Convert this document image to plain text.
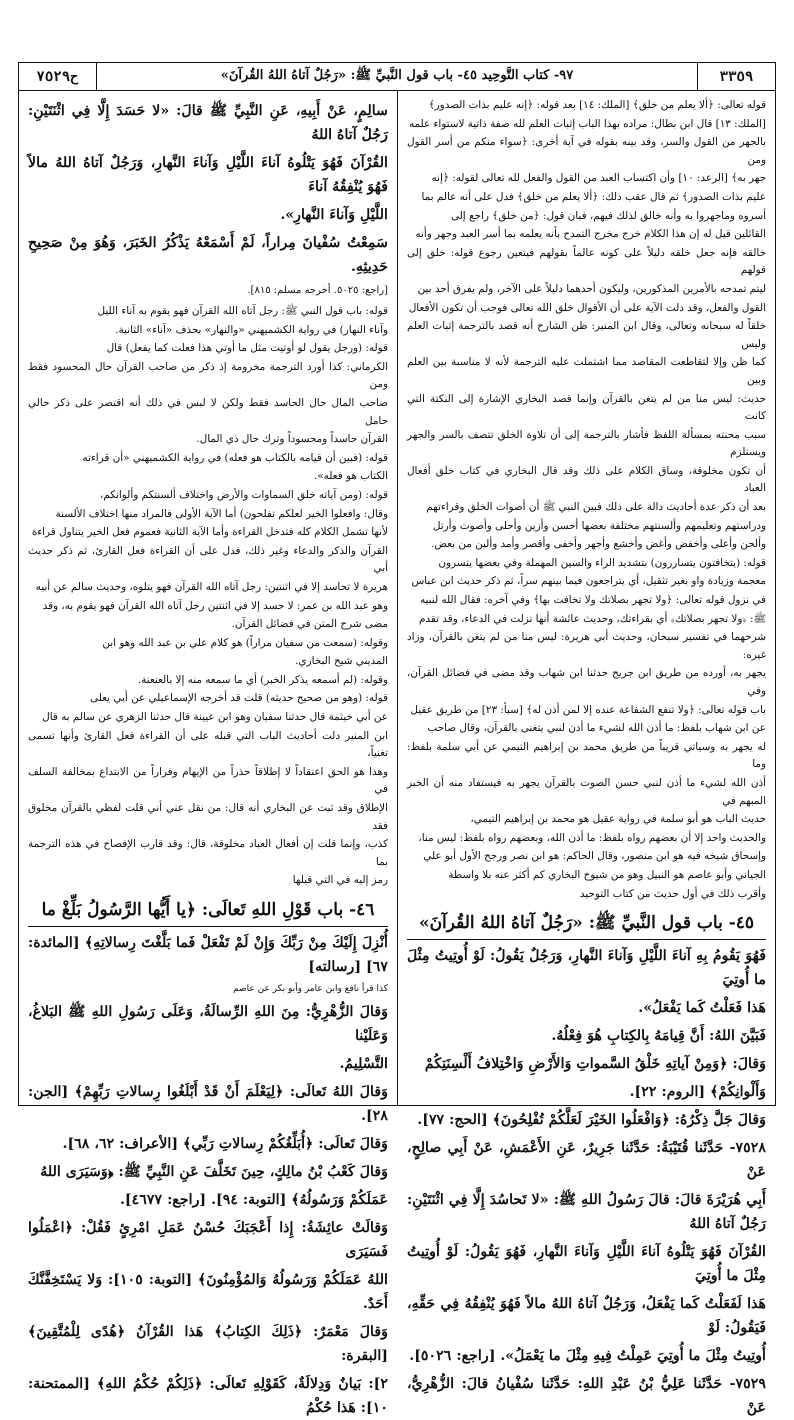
٣٣٥٩
٩٧- كتاب التَّوحِيد ٤٥- باب قول النَّبيِّ ﷺ: «رَجُلٌ آتاهُ اللهُ القُرآنَ»
ح٧٥٢٩
قوله تعالى: ﴿ألا يعلم من خلق﴾ [الملك: ١٤] بعد قوله: ﴿إنه عليم بذات الصدور﴾
[الملك: ١٣] قال ابن بطال: مراده بهذا الباب إثبات العلم لله صفة ذاتية لاستواء علمه
بالجهر من القول والسر، وقد بينه بقوله في آية أخرى: ﴿سواء منكم من أسر القول ومن
جهر به﴾ [الرعد: ١٠] وأن اكتساب العبد من القول والفعل لله تعالى لقوله: ﴿إنه
عليم بذات الصدور﴾ ثم قال عقب ذلك: ﴿ألا يعلم من خلق﴾ فدل على أنه عالم بما
أسروه وماجهروا به وأنه خالق لذلك فيهم، فبان قول: ﴿من خلق﴾ راجع إلى
القائلين قيل له إن هذا الكلام خرج مخرج التمدح بأنه يعلمه بما أسر العبد وجهر وأنه
خالقه فإنه جعل خلقه دليلاً على كونه عالماً بقولهم فيتعين رجوع قوله: خلق إلى قولهم
ليتم تمدحه بالأمرين المذكورين، وليكون أحدهما دليلاً على الآخر، ولم يفرق أحد بين
القول والفعل، وقد دلت الآية على أن الأقوال خلق الله تعالى فوجب أن تكون الأفعال
خلقاً له سبحانه وتعالى، وقال ابن المنير: ظن الشارح أنه قصد بالترجمة إثبات العلم وليس
كما ظن وإلا لتقاطعت المقاصد مما اشتملت عليه الترجمة لأنه لا مناسبة بين العلم وبين
حديث: ليس منا من لم يتغن بالقرآن وإنما قصد البخاري الإشارة إلى النكتة التي كانت
سبب محنته بمسألة اللفظ فأشار بالترجمة إلى أن تلاوة الخلق تتصف بالسر والجهر ويستلزم
أن تكون مخلوقة، وساق الكلام على ذلك وقد قال البخاري في كتاب خلق أفعال العباد
بعد أن ذكر عدة أحاديث دالة على ذلك فبين النبي ﷺ أن أصوات الخلق وقراءتهم
ودراستهم وتعليمهم وألسنتهم مختلفة بعضها أحسن وأزين وأحلى وأصوت وأرتل
وألحن وأعلى وأخفض وأغض وأخشع وأجهر وأخفى وأقصر وأمد وألين من بعض.
قوله: (يتخافتون يتساررون) بتشديد الراء والسين المهملة وفي بعضها يتسرون
معجمة وزيادة واو بغير تثقيل، أي يتراجعون فيما بينهم سراً، ثم ذكر حديث ابن عباس
في نزول قوله تعالى: ﴿ولا تجهر بصلاتك ولا تخافت بها﴾ وفي آخره: فقال الله لنبيه
ﷺ: ﴿ولا تجهر بصلاتك﴾ أي بقراءتك، وحديث عائشة أنها نزلت في الدعاء، وقد تقدم
شرحهما في تفسير سبحان، وحديث أبي هريرة: ليس منا من لم يتغن بالقرآن، وزاد غيره:
يجهر به، أورده من طريق ابن جريج حدثنا ابن شهاب وقد مضى في فضائل القرآن، وفي
باب قوله تعالى: ﴿ولا تنفع الشفاعة عنده إلا لمن أذن له﴾ [سبأ: ٢٣] من طريق عقيل
عن ابن شهاب بلفظ: ما أذن الله لشيء ما أذن لنبي يتغنى بالقرآن، وقال صاحب
له يجهر به وسياتي قريباً من طريق محمد بن إبراهيم التيمي عن أبي سلمة بلفظ: وما
أذن الله لشيء ما أذن لنبي حسن الصوت بالقرآن يجهر به فيستفاد منه أن الخبر المبهم في
حديث الباب هو أبو سلمة في رواية عقيل هو محمد بن إبراهيم التيمي،
والحديث واحد إلا أن بعضهم رواه بلفظ: ما أذن الله، وبعضهم رواه بلفظ: ليس منا،
وإسحاق شيخه فيه هو ابن منصور، وقال الحاكم: هو ابن نصر ورجح الأول أبو علي
الجياني وأبو عاصم هو النبيل وهو من شيوخ البخاري كم أكثر عنه بلا واسطة
وأقرب ذلك في أول حديث من كتاب التوحيد
٤٥- باب قول النَّبيِّ ﷺ: «رَجُلٌ آتاهُ اللهُ القُرآنَ»
فَهُوَ يَقُومُ بِهِ آناءَ اللَّيْلِ وَآناءَ النَّهارِ، وَرَجُلٌ يَقُولُ: لَوْ أُوتِيتُ مِثْلَ ما أُوتِيَ
هَذا فَعَلْتُ كَما يَفْعَلُ».
فَبَيَّنَ اللهُ: أَنَّ قِيامَهُ بِالكِتابِ هُوَ فِعْلُهُ.
وَقالَ: ﴿وَمِنْ آياتِهِ خَلْقُ السَّمواتِ وَالأَرْضِ وَاخْتِلافُ أَلْسِنَتِكُمْ
وَأَلْوانِكُمْ﴾ [الروم: ٢٢].
وَقالَ جَلَّ ذِكْرُهُ: ﴿وَافْعَلُوا الخَيْرَ لَعَلَّكُمْ تُفْلِحُونَ﴾ [الحج: ٧٧].
٧٥٢٨- حَدَّثَنا قُتَيْبَةُ: حَدَّثَنا جَرِيرٌ، عَنِ الأَعْمَشِ، عَنْ أَبِي صالِحٍ، عَنْ
أَبِي هُرَيْرَةَ قالَ: قالَ رَسُولُ اللهِ ﷺ: «لا تَحاسُدَ إِلَّا فِي اثْنَتَيْنِ: رَجُلٌ آتاهُ اللهُ
القُرْآنَ فَهُوَ يَتْلُوهُ آناءَ اللَّيْلِ وَآناءَ النَّهارِ، فَهُوَ يَقُولُ: لَوْ أُوتِيتُ مِثْلَ ما أُوتِيَ
هَذا لَفَعَلْتُ كَما يَفْعَلُ، وَرَجُلٌ آتاهُ اللهُ مالاً فَهُوَ يُنْفِقُهُ فِي حَقِّهِ، فَيَقُولُ: لَوْ
أُوتِيتُ مِثْلَ ما أُوتِيَ عَمِلْتُ فِيهِ مِثْلَ ما يَعْمَلُ». [راجع: ٥٠٢٦].
٧٥٢٩- حَدَّثَنا عَلِيُّ بْنُ عَبْدِ اللهِ: حَدَّثَنا سُفْيانُ قالَ: الزُّهْرِيُّ، عَنْ
سالِمٍ، عَنْ أَبِيهِ، عَنِ النَّبِيِّ ﷺ قالَ: «لا حَسَدَ إِلَّا فِي اثْنَتَيْنِ: رَجُلٌ آتاهُ اللهُ
القُرْآنَ فَهُوَ يَتْلُوهُ آناءَ اللَّيْلِ وَآناءَ النَّهارِ، وَرَجُلٌ آتاهُ اللهُ مالاً فَهُوَ يُنْفِقُهُ آناءَ
اللَّيْلِ وَآناءَ النَّهارِ».
سَمِعْتُ سُفْيانَ مِراراً، لَمْ أَسْمَعْهُ يَذْكُرُ الخَبَرَ، وَهُوَ مِنْ صَحِيحِ حَدِيثِهِ.
[راجع: ٥٠٢٥. أخرجه مسلم: ٨١٥].
قوله: باب قول النبي ﷺ: رجل آتاه الله القرآن فهو يقوم به آناء الليل
وآناء النهار) في رواية الكشميهني «والنهار» بحذف «آناء» الثانية.
قوله: (ورجل يقول لو أوتيت مثل ما أوتي هذا فعلت كما يفعل) قال
الكرماني: كذا أورد الترجمة مخرومة إذ ذكر من صاحب القرآن حال المحسود فقط ومن
صاحب المال حال الحاسد فقط ولكن لا لبس في ذلك أنه اقتصر على ذكر حالي حامل
القرآن حاسداً ومحسوداً وترك حال ذي المال.
قوله: (فبين أن قيامه بالكتاب هو فعله) في رواية الكشميهني «أن قراءته
الكتاب هو فعله».
قوله: (ومن آياته خلق السماوات والأرض واختلاف ألسنتكم وألوانكم،
وقال: وافعلوا الخير لعلكم تفلحون) أما الآية الأولى فالمراد منها اختلاف الألسنة
لأنها تشمل الكلام كله فتدخل القراءة وأما الآية الثانية فعموم فعل الخير يتناول قراءة
القرآن والذكر والدعاء وغير ذلك، فدل على أن القراءة فعل القارئ، ثم ذكر حديث أبي
هريرة لا تحاسد إلا في اثنتين: رجل آتاه الله القرآن فهو يتلوه، وحديث سالم عن أبيه
وهو عبد الله بن عمر: لا حسد إلا في اثنتين رجل آتاه الله القرآن فهو يقوم به، وقد
مضى شرح المتن في فضائل القرآن.
وقوله: (سمعت من سفيان مراراً) هو كلام علي بن عبد الله وهو ابن
المديني شيخ البخاري.
وقوله: (لم أسمعه يذكر الخبر) أي ما سمعه منه إلا بالعنعنة.
قوله: (وهو من صحيح حديثه) قلت قد أخرجه الإسماعيلي عن أبي يعلى
عن أبي خيثمة قال حدثنا سفيان وهو ابن عيينة قال حدثنا الزهري عن سالم به قال
ابن المنير دلت أحاديث الباب التي قبله على أن القراءة فعل القارئ وأنها تسمى تغنياً،
وهذا هو الحق اعتقاداً لا إطلاقاً حذراً من الإيهام وفراراً من الابتداع بمخالفة السلف في
الإطلاق وقد ثبت عن البخاري أنه قال: من نقل عني أني قلت لفظي بالقرآن مخلوق فقد
كذب، وإنما قلت إن أفعال العباد مخلوقة، قال: وقد قارب الإفصاح في هذه الترجمة بما
رمز إليه في التي قبلها
٤٦- باب قَوْلِ اللهِ تَعالَى: ﴿يا أَيُّها الرَّسُولُ بَلِّغْ ما
أُنْزِلَ إِلَيْكَ مِنْ رَبِّكَ وَإِنْ لَمْ تَفْعَلْ فَما بَلَّغْتَ رِسالاتِهِ﴾ [المائدة: ٦٧] [رسالته]
كذا قرأ نافع وابن عامر وأبو بكر عن عاصم
وَقالَ الزُّهْرِيُّ: مِنَ اللهِ الرِّسالَةُ، وَعَلَى رَسُولِ اللهِ ﷺ البَلاغُ، وَعَلَيْنا
التَّسْلِيمُ.
وَقالَ اللهُ تَعالَى: ﴿لِيَعْلَمَ أَنْ قَدْ أَبْلَغُوا رِسالاتِ رَبِّهِمْ﴾ [الجن: ٢٨].
وَقالَ تَعالَى: ﴿أُبَلِّغُكُمْ رِسالاتِ رَبِّي﴾ [الأعراف: ٦٢، ٦٨].
وَقالَ كَعْبُ بْنُ مالِكٍ، حِينَ تَخَلَّفَ عَنِ النَّبِيِّ ﷺ: ﴿وَسَيَرَى اللهُ
عَمَلَكُمْ وَرَسُولُهُ﴾ [التوبة: ٩٤]. [راجع: ٤٦٧٧].
وَقالَتْ عائِشَةُ: إِذا أَعْجَبَكَ حُسْنُ عَمَلِ امْرِئٍ فَقُلْ: ﴿اعْمَلُوا فَسَيَرَى
اللهُ عَمَلَكُمْ وَرَسُولُهُ وَالمُؤْمِنُونَ﴾ [التوبة: ١٠٥]: وَلا يَسْتَخِفَّنَّكَ أَحَدٌ.
وَقالَ مَعْمَرٌ: ﴿ذَلِكَ الكِتابُ﴾ هَذا القُرْآنُ ﴿هُدًى لِلْمُتَّقِينَ﴾ [البقرة:
٢]: بَيانٌ وَدِلالَةٌ، كَقَوْلِهِ تَعالَى: ﴿ذَلِكُمْ حُكْمُ اللهِ﴾ [الممتحنة: ١٠]: هَذا حُكْمُ
